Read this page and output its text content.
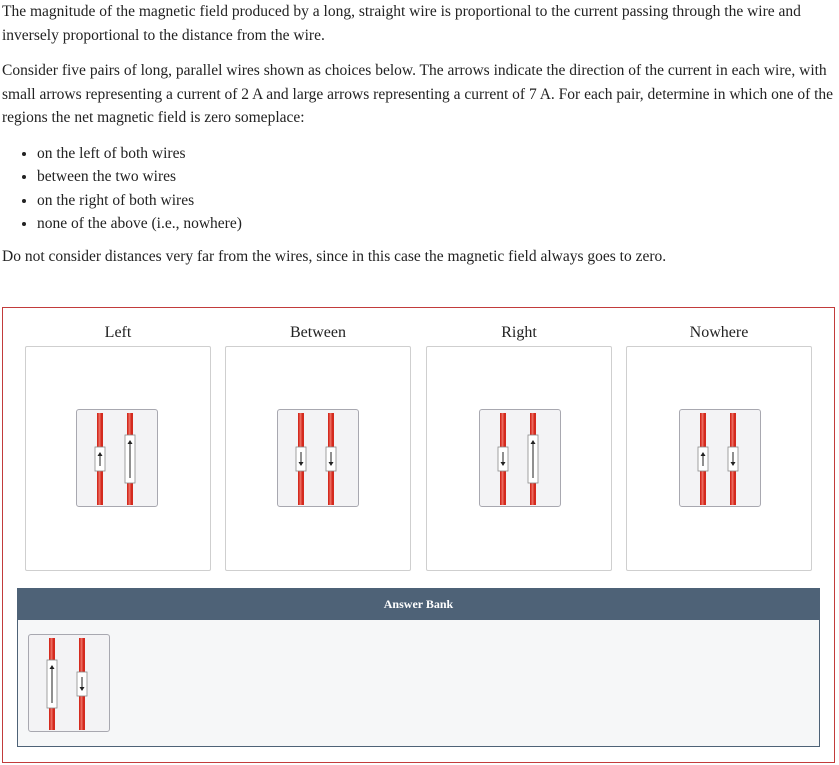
The magnitude of the magnetic field produced by a long, straight wire is proportional to the current passing through the wire and inversely proportional to the distance from the wire.

Consider five pairs of long, parallel wires shown as choices below. The arrows indicate the direction of the current in each wire, with small arrows representing a current of 2 A and large arrows representing a current of 7 A. For each pair, determine in which one of the regions the net magnetic field is zero someplace:

• on the left of both wires
• between the two wires
• on the right of both wires
• none of the above (i.e., nowhere)

Do not consider distances very far from the wires, since in this case the magnetic field always goes to zero.

Left	Between	Right	Nowhere
Answer Bank
